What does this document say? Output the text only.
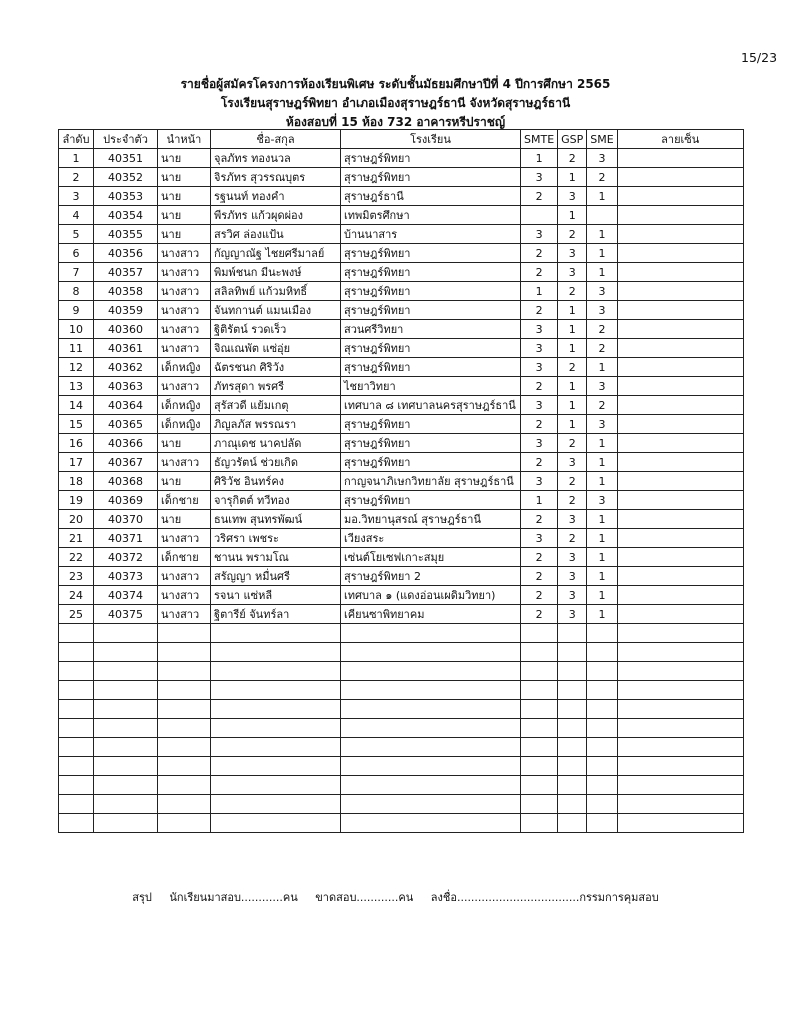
15/23
รายชื่อผู้สมัครโครงการห้องเรียนพิเศษ ระดับชั้นมัธยมศึกษาปีที่ 4 ปีการศึกษา 2565
โรงเรียนสุราษฎร์พิทยา อำเภอเมืองสุราษฎร์ธานี จังหวัดสุราษฎร์ธานี
ห้องสอบที่ 15 ห้อง 732 อาคารหรีปราชญ์
ลำดับ	ประจำตัว	นำหน้า	ชื่อ-สกุล	โรงเรียน	SMTE	GSP	SME	ลายเซ็น
1	40351	นาย	จุลภัทร ทองนวล	สุราษฎร์พิทยา	1	2	3	
2	40352	นาย	จิรภัทร สุวรรณบุตร	สุราษฎร์พิทยา	3	1	2	
3	40353	นาย	รฐนนท์ ทองคำ	สุราษฎร์ธานี	2	3	1	
4	40354	นาย	พีรภัทร แก้วผุดผ่อง	เทพมิตรศึกษา		1		
5	40355	นาย	สรวิศ ล่องแป้น	บ้านนาสาร	3	2	1	
6	40356	นางสาว	กัญญาณัฐ ไชยศรีมาลย์	สุราษฎร์พิทยา	2	3	1	
7	40357	นางสาว	พิมพ์ชนก มีนะพงษ์	สุราษฎร์พิทยา	2	3	1	
8	40358	นางสาว	สลิลทิพย์ แก้วมหิทธิ์	สุราษฎร์พิทยา	1	2	3	
9	40359	นางสาว	จันทกานต์ แมนเมือง	สุราษฎร์พิทยา	2	1	3	
10	40360	นางสาว	ฐิติรัตน์ รวดเร็ว	สวนศรีวิทยา	3	1	2	
11	40361	นางสาว	จิณเณพัต แซ่อุ่ย	สุราษฎร์พิทยา	3	1	2	
12	40362	เด็กหญิง	ฉัตรชนก ศิริวัง	สุราษฎร์พิทยา	3	2	1	
13	40363	นางสาว	ภัทรสุดา พรศรี	ไชยาวิทยา	2	1	3	
14	40364	เด็กหญิง	สุรัสวดี แย้มเกตุ	เทศบาล ๘ เทศบาลนครสุราษฎร์ธานี	3	1	2	
15	40365	เด็กหญิง	ภิญลภัส พรรณรา	สุราษฎร์พิทยา	2	1	3	
16	40366	นาย	ภาณุเดช นาคปลัด	สุราษฎร์พิทยา	3	2	1	
17	40367	นางสาว	ธัญวรัตน์ ช่วยเกิด	สุราษฎร์พิทยา	2	3	1	
18	40368	นาย	ศิริวัช อินทร์คง	กาญจนาภิเษกวิทยาลัย สุราษฎร์ธานี	3	2	1	
19	40369	เด็กชาย	จารุกิตต์ ทวีทอง	สุราษฎร์พิทยา	1	2	3	
20	40370	นาย	ธนเทพ สุนทรพัฒน์	มอ.วิทยานุสรณ์ สุราษฎร์ธานี	2	3	1	
21	40371	นางสาว	วริศรา เพชระ	เวียงสระ	3	2	1	
22	40372	เด็กชาย	ชานน พรามโณ	เซ่นต์โยเซฟเกาะสมุย	2	3	1	
23	40373	นางสาว	สรัญญา หมื่นศรี	สุราษฎร์พิทยา 2	2	3	1	
24	40374	นางสาว	รจนา แซ่หลี	เทศบาล ๑ (แดงอ่อนเผดิมวิทยา)	2	3	1	
25	40375	นางสาว	ฐิตารีย์ จันทร์ลา	เคียนซาพิทยาคม	2	3	1	

สรุป นักเรียนมาสอบ............คน ขาดสอบ............คน ลงชื่อ...................................กรรมการคุมสอบ
